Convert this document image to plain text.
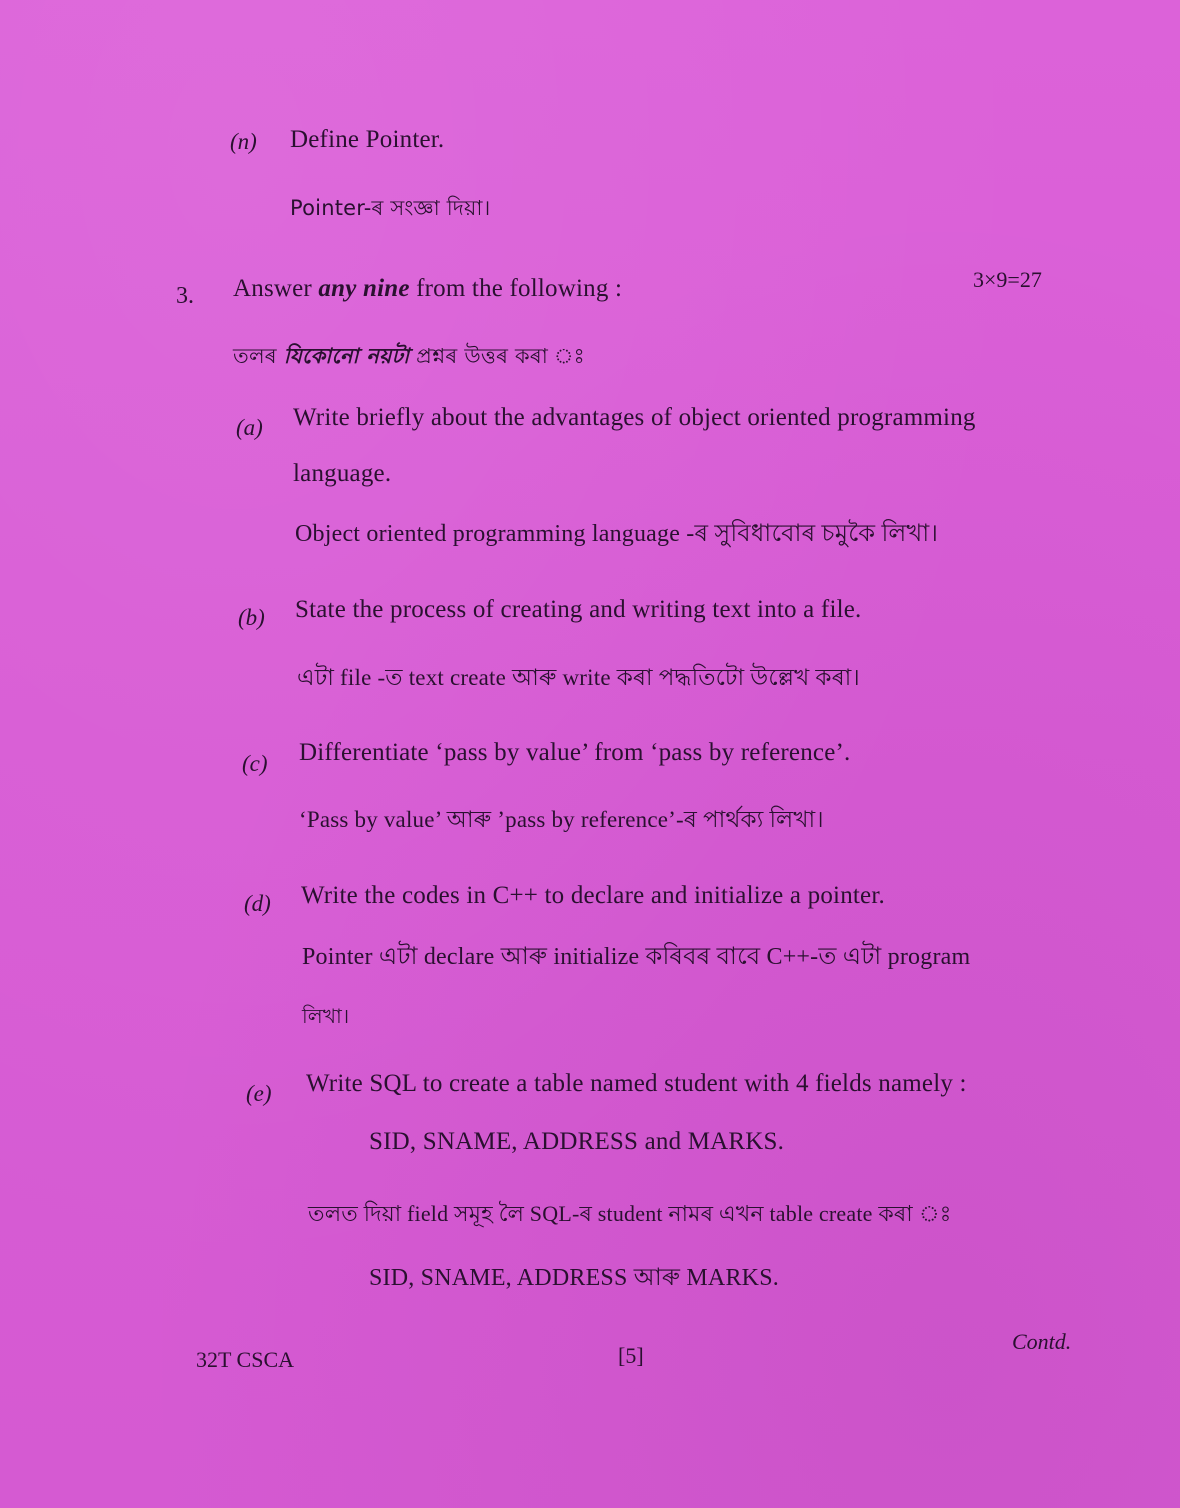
(n) Define Pointer.
Pointer-ৰ সংজ্ঞা দিয়া।
3. Answer any nine from the following :	3×9=27
তলৰ যিকোনো নয়টা প্ৰশ্নৰ উত্তৰ কৰা ঃ
(a) Write briefly about the advantages of object oriented programming
language.
Object oriented programming language -ৰ সুবিধাবোৰ চমুকৈ লিখা।
(b) State the process of creating and writing text into a file.
এটা file -ত text create আৰু write কৰা পদ্ধতিটো উল্লেখ কৰা।
(c) Differentiate ‘pass by value’ from ‘pass by reference’.
‘Pass by value’ আৰু ’pass by reference’-ৰ পাৰ্থক্য লিখা।
(d) Write the codes in C++ to declare and initialize a pointer.
Pointer এটা declare আৰু initialize কৰিবৰ বাবে C++-ত এটা program
লিখা।
(e) Write SQL to create a table named student with 4 fields namely :
SID, SNAME, ADDRESS and MARKS.
তলত দিয়া field সমূহ লৈ SQL-ৰ student নামৰ এখন table create কৰা ঃ
SID, SNAME, ADDRESS আৰু MARKS.
32T CSCA	[5]
Contd.
